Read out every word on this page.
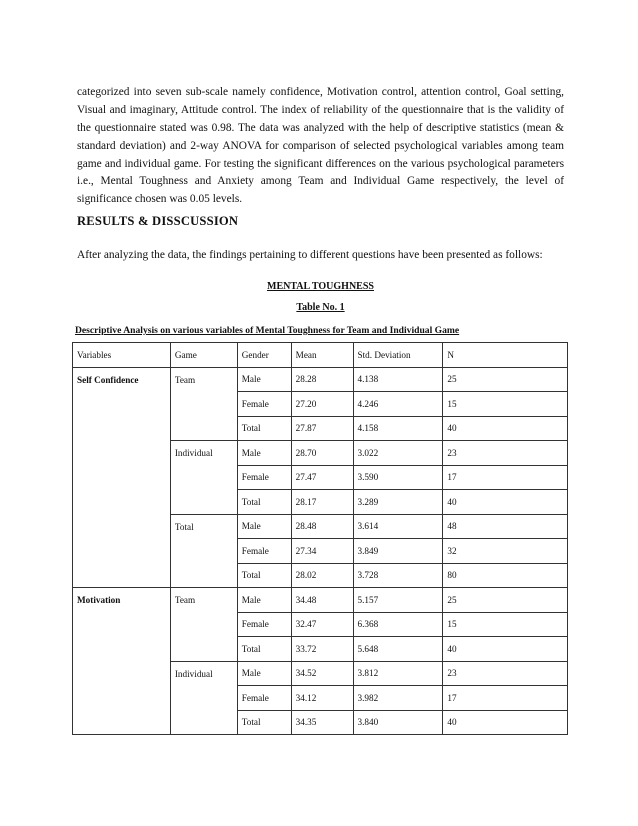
categorized into seven sub-scale namely confidence, Motivation control, attention control, Goal setting, Visual and imaginary, Attitude control. The index of reliability of the questionnaire that is the validity of the questionnaire stated was 0.98. The data was analyzed with the help of descriptive statistics (mean & standard deviation) and 2-way ANOVA for comparison of selected psychological variables among team game and individual game. For testing the significant differences on the various psychological parameters i.e., Mental Toughness and Anxiety among Team and Individual Game respectively, the level of significance chosen was 0.05 levels.

RESULTS & DISSCUSSION

After analyzing the data, the findings pertaining to different questions have been presented as follows:

MENTAL TOUGHNESS
Table No. 1
Descriptive Analysis on various variables of Mental Toughness for Team and Individual Game
Variables	Game	Gender	Mean	Std. Deviation	N
Self Confidence	Team	Male	28.28	4.138	25
		Female	27.20	4.246	15
		Total	27.87	4.158	40
	Individual	Male	28.70	3.022	23
		Female	27.47	3.590	17
		Total	28.17	3.289	40
	Total	Male	28.48	3.614	48
		Female	27.34	3.849	32
		Total	28.02	3.728	80
Motivation	Team	Male	34.48	5.157	25
		Female	32.47	6.368	15
		Total	33.72	5.648	40
	Individual	Male	34.52	3.812	23
		Female	34.12	3.982	17
		Total	34.35	3.840	40
